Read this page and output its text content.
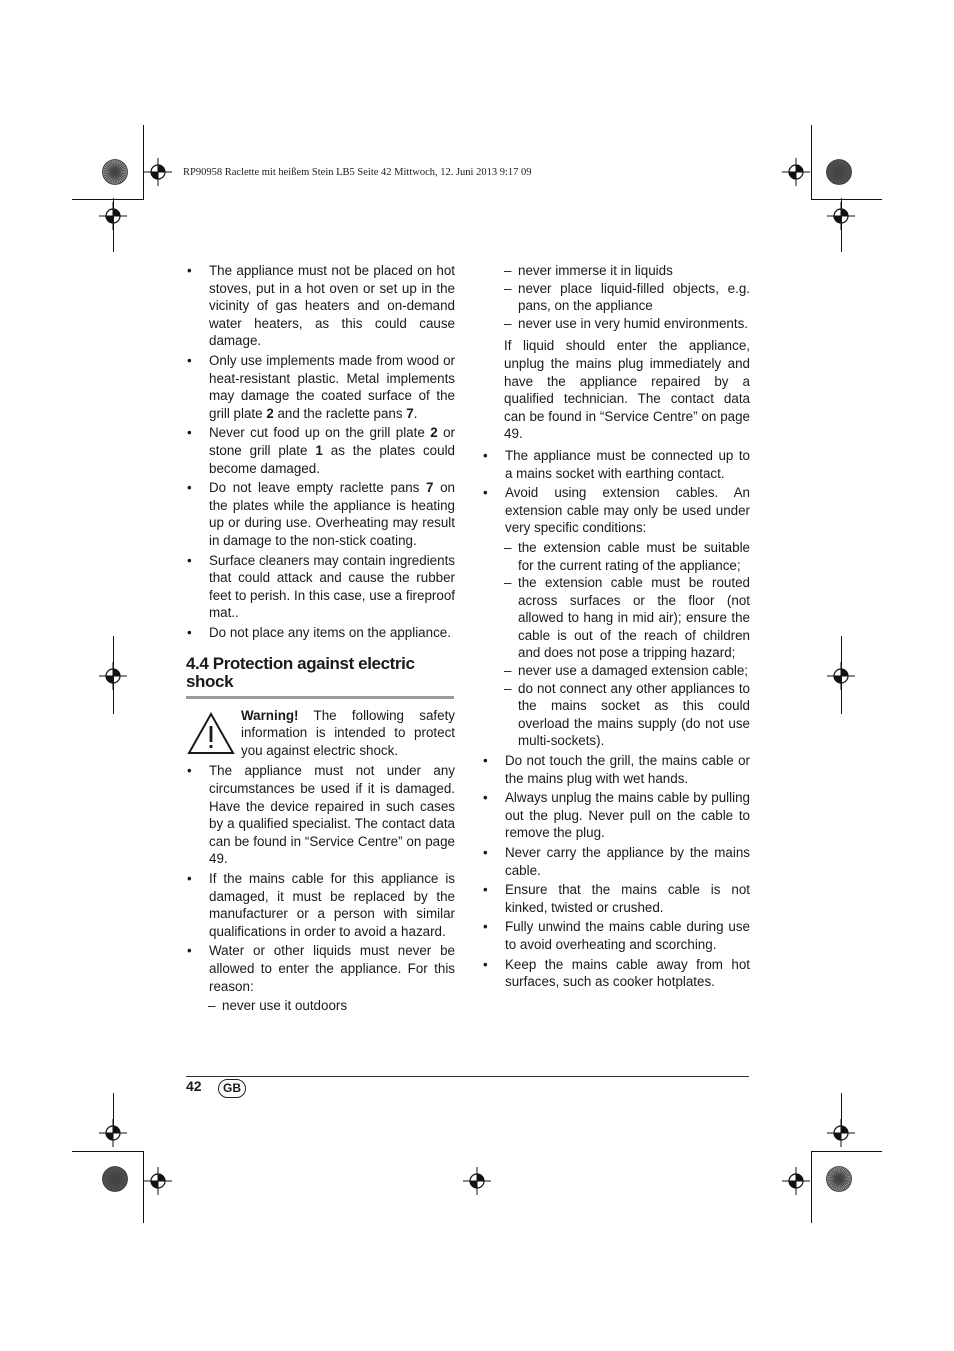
RP90958 Raclette mit heißem Stein LB5 Seite 42 Mittwoch, 12. Juni 2013 9:17 09
• The appliance must not be placed on hot stoves, put in a hot oven or set up in the vicinity of gas heaters and on-demand water heaters, as this could cause damage.
• Only use implements made from wood or heat-resistant plastic. Metal implements may damage the coated surface of the grill plate 2 and the raclette pans 7.
• Never cut food up on the grill plate 2 or stone grill plate 1 as the plates could become damaged.
• Do not leave empty raclette pans 7 on the plates while the appliance is heating up or during use. Overheating may result in damage to the non-stick coating.
• Surface cleaners may contain ingredients that could attack and cause the rubber feet to perish. In this case, use a fireproof mat..
• Do not place any items on the appliance.
4.4 Protection against electric shock
Warning! The following safety information is intended to protect you against electric shock.
• The appliance must not under any circumstances be used if it is damaged. Have the device repaired in such cases by a qualified specialist. The contact data can be found in “Service Centre” on page 49.
• If the mains cable for this appliance is damaged, it must be replaced by the manufacturer or a person with similar qualifications in order to avoid a hazard.
• Water or other liquids must never be allowed to enter the appliance. For this reason:
– never use it outdoors
– never immerse it in liquids
– never place liquid-filled objects, e.g. pans, on the appliance
– never use in very humid environments.
If liquid should enter the appliance, unplug the mains plug immediately and have the appliance repaired by a qualified technician. The contact data can be found in “Service Centre” on page 49.
• The appliance must be connected up to a mains socket with earthing contact.
• Avoid using extension cables. An extension cable may only be used under very specific conditions:
– the extension cable must be suitable for the current rating of the appliance;
– the extension cable must be routed across surfaces or the floor (not allowed to hang in mid air); ensure the cable is out of the reach of children and does not pose a tripping hazard;
– never use a damaged extension cable;
– do not connect any other appliances to the mains socket as this could overload the mains supply (do not use multi-sockets).
• Do not touch the grill, the mains cable or the mains plug with wet hands.
• Always unplug the mains cable by pulling out the plug. Never pull on the cable to remove the plug.
• Never carry the appliance by the mains cable.
• Ensure that the mains cable is not kinked, twisted or crushed.
• Fully unwind the mains cable during use to avoid overheating and scorching.
• Keep the mains cable away from hot surfaces, such as cooker hotplates.
42	GB
